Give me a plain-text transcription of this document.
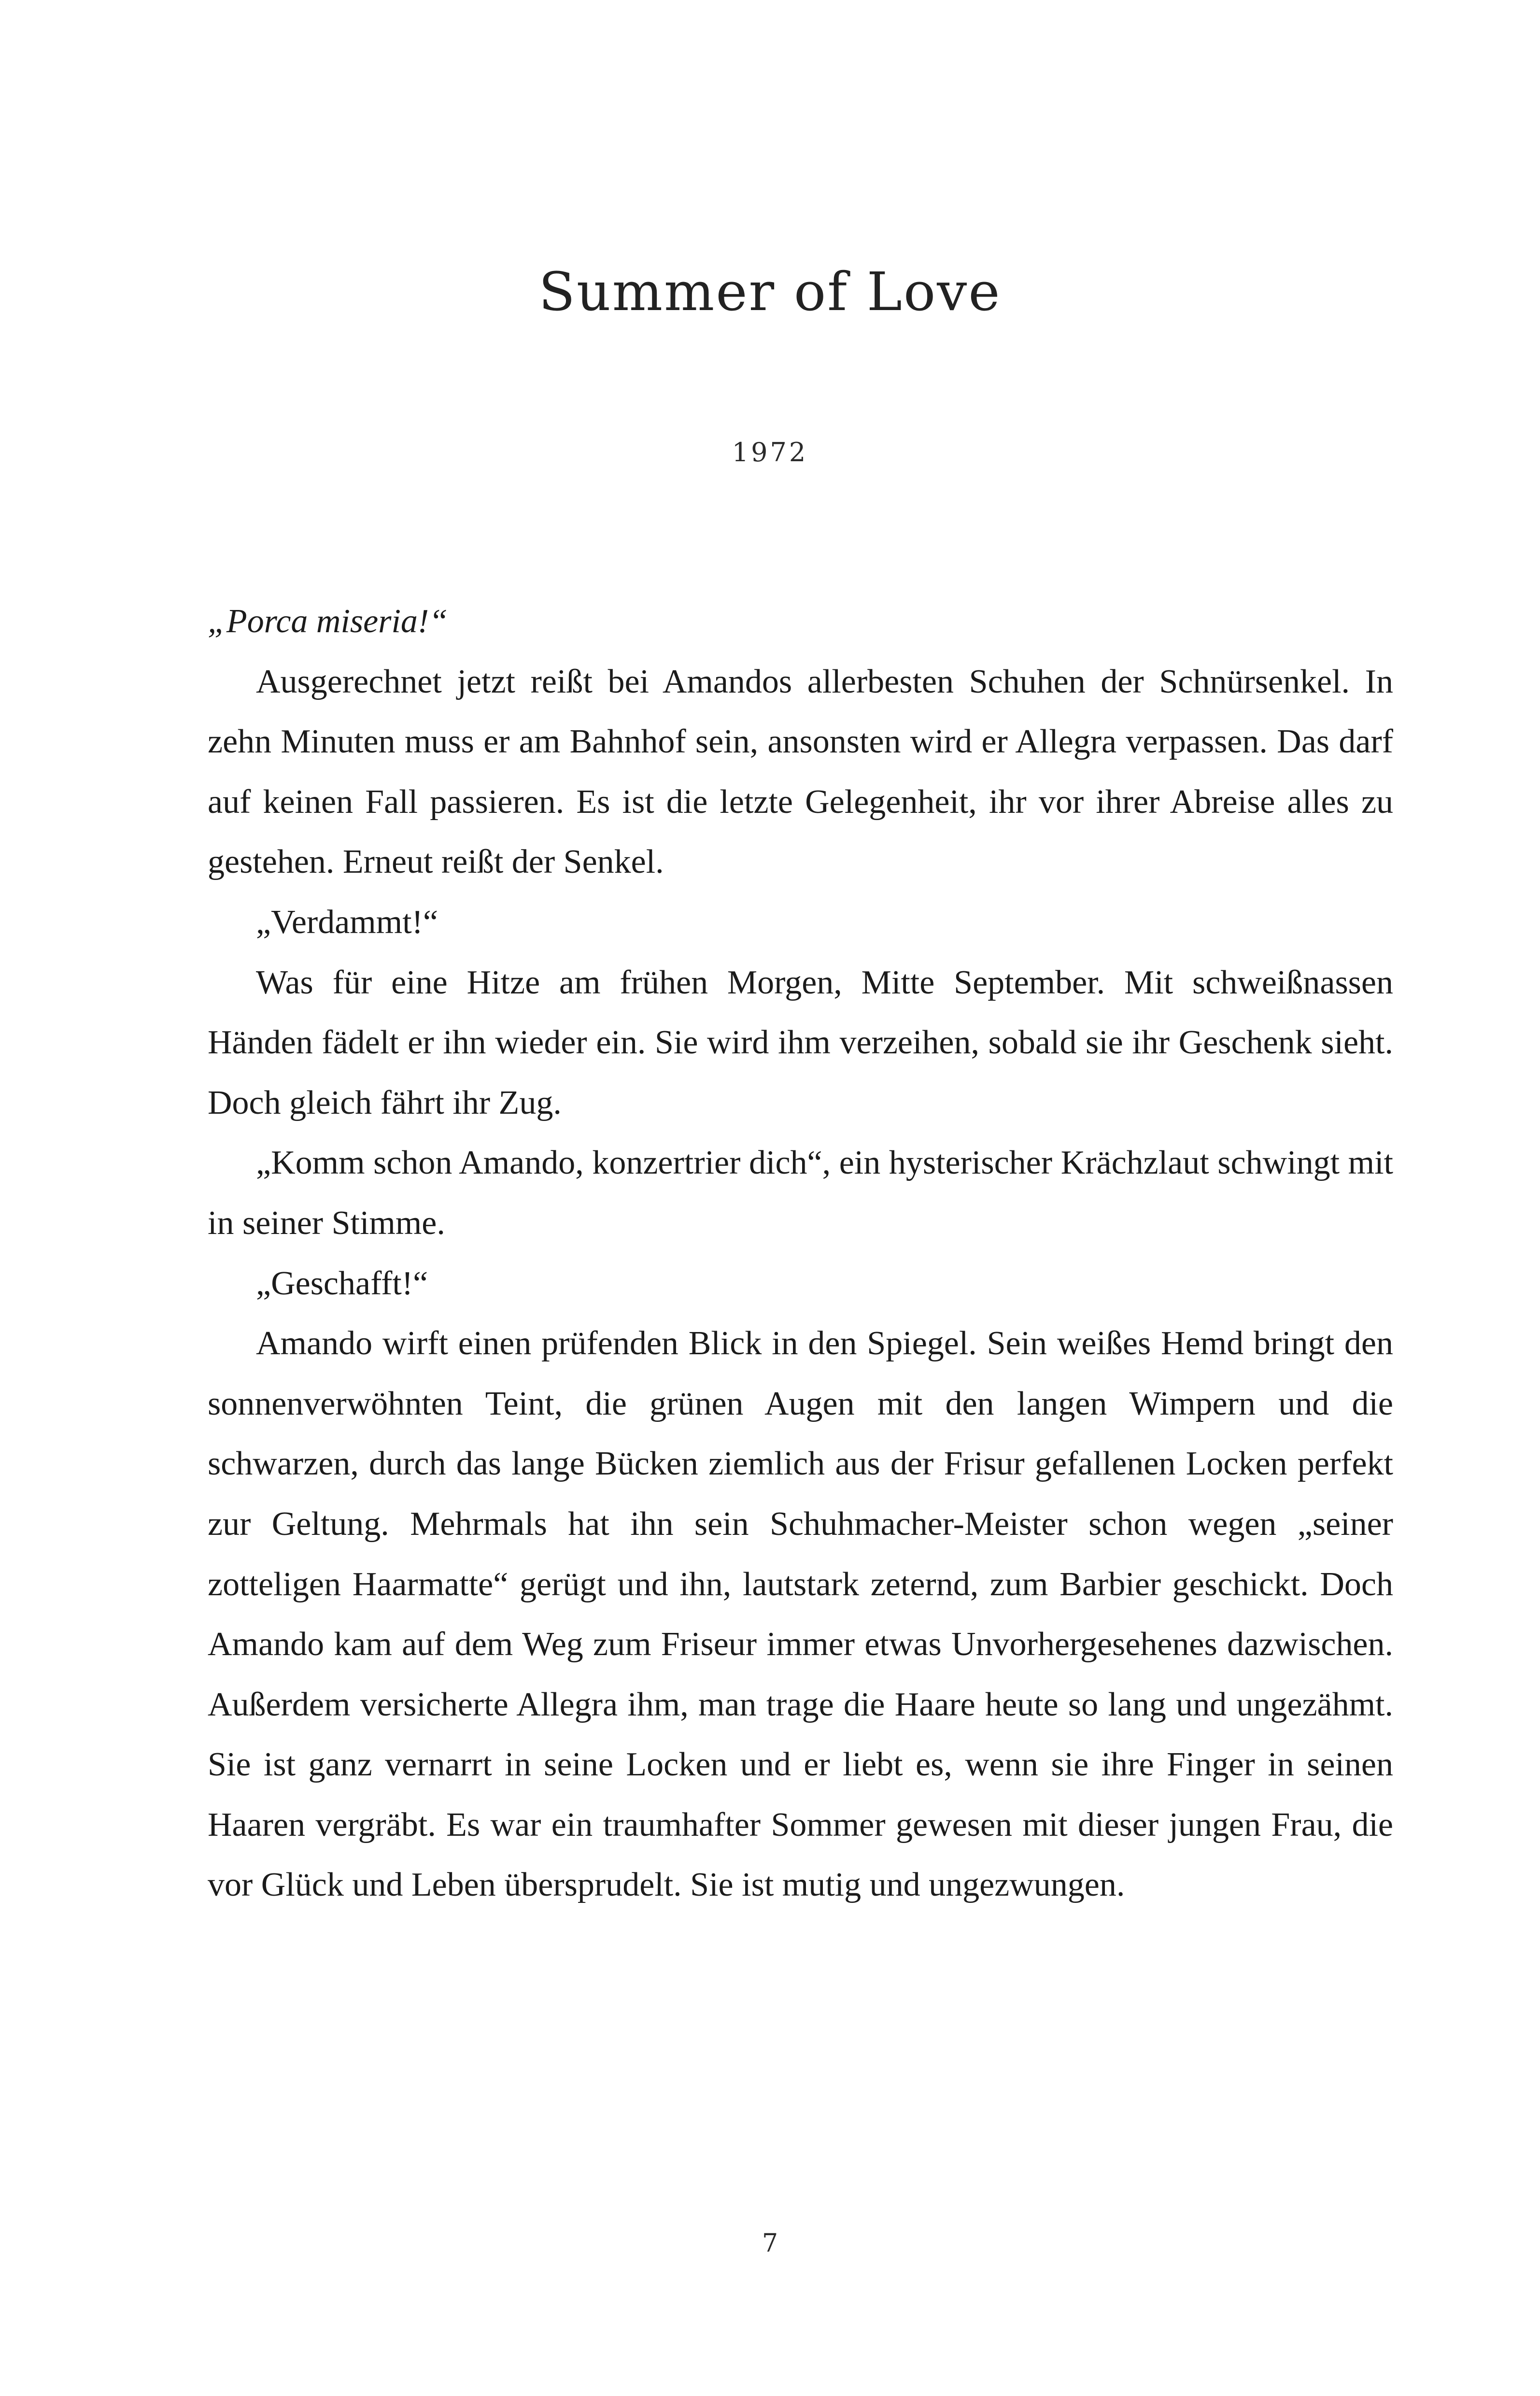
Summer of Love
1972

„Porca miseria!“

Ausgerechnet jetzt reißt bei Amandos allerbesten Schuhen der Schnürsenkel. In zehn Minuten muss er am Bahnhof sein, ansonsten wird er Allegra verpassen. Das darf auf keinen Fall passieren. Es ist die letzte Gelegenheit, ihr vor ihrer Abreise alles zu gestehen. Erneut reißt der Senkel.

„Verdammt!“

Was für eine Hitze am frühen Morgen, Mitte September. Mit schweißnassen Händen fädelt er ihn wieder ein. Sie wird ihm verzeihen, sobald sie ihr Geschenk sieht. Doch gleich fährt ihr Zug.

„Komm schon Amando, konzertrier dich“, ein hysterischer Krächzlaut schwingt mit in seiner Stimme.

„Geschafft!“

Amando wirft einen prüfenden Blick in den Spiegel. Sein weißes Hemd bringt den sonnenverwöhnten Teint, die grünen Augen mit den langen Wimpern und die schwarzen, durch das lange Bücken ziemlich aus der Frisur gefallenen Locken perfekt zur Geltung. Mehrmals hat ihn sein Schuhmacher-Meister schon wegen „seiner zotteligen Haarmatte“ gerügt und ihn, lautstark zeternd, zum Barbier geschickt. Doch Amando kam auf dem Weg zum Friseur immer etwas Unvorhergesehenes dazwischen. Außerdem versicherte Allegra ihm, man trage die Haare heute so lang und ungezähmt. Sie ist ganz vernarrt in seine Locken und er liebt es, wenn sie ihre Finger in seinen Haaren vergräbt. Es war ein traumhafter Sommer gewesen mit dieser jungen Frau, die vor Glück und Leben übersprudelt. Sie ist mutig und ungezwungen.

7
